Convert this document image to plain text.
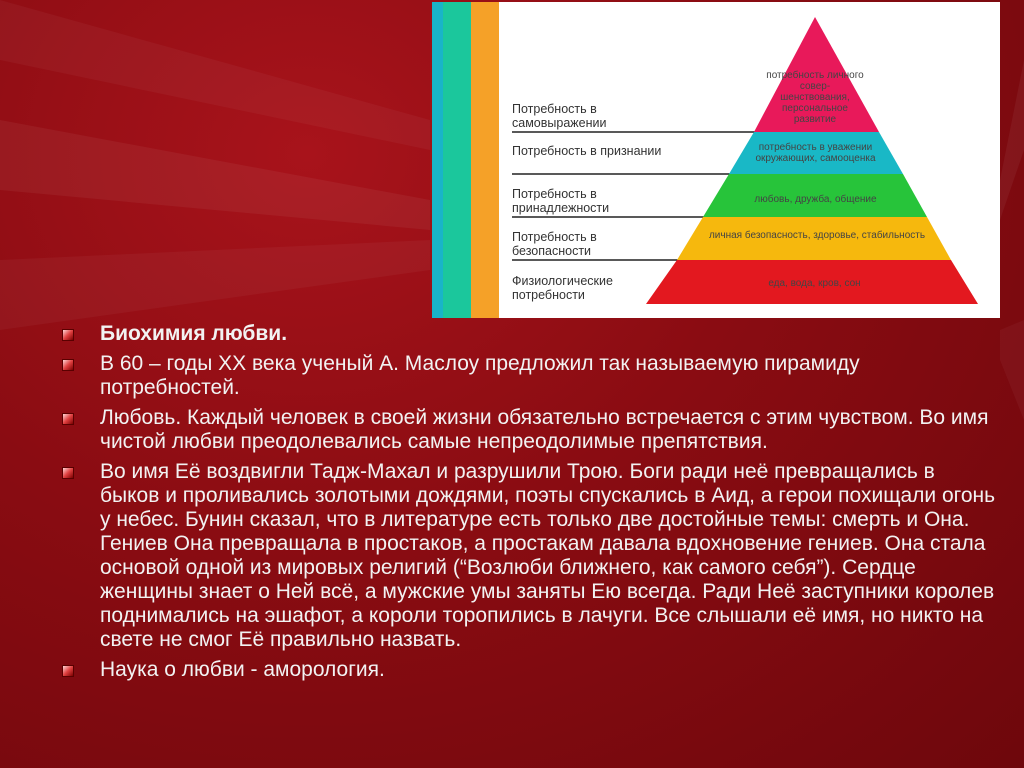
Потребность в самовыражении
Потребность в признании
Потребность в принадлежности
Потребность в безопасности
Физиологические потребности
потребность личного совер- шенствования, персональное развитие
потребность в уважении окружающих, самооценка
любовь, дружба, общение
личная безопасность, здоровье, стабильность
еда, вода, кров, сон
Биохимия любви.
В 60 – годы XX века ученый А. Маслоу предложил так называемую пирамиду потребностей.
Любовь. Каждый человек в своей жизни обязательно встречается с этим чувством. Во имя чистой любви преодолевались самые непреодолимые препятствия.
Во имя Её воздвигли Тадж-Махал и разрушили Трою. Боги ради неё превращались в быков и проливались золотыми дождями, поэты спускались в Аид, а герои похищали огонь у небес. Бунин сказал, что в литературе есть только две достойные темы: смерть и Она. Гениев Она превращала в простаков, а простакам давала вдохновение гениев. Она стала основой одной из мировых религий (“Возлюби ближнего, как самого себя”). Сердце женщины знает о Ней всё, а мужские умы заняты Ею всегда. Ради Неё заступники королев поднимались на эшафот, а короли торопились в лачуги. Все слышали её имя, но никто на свете не смог Её правильно назвать.
Наука о любви - аморология.
